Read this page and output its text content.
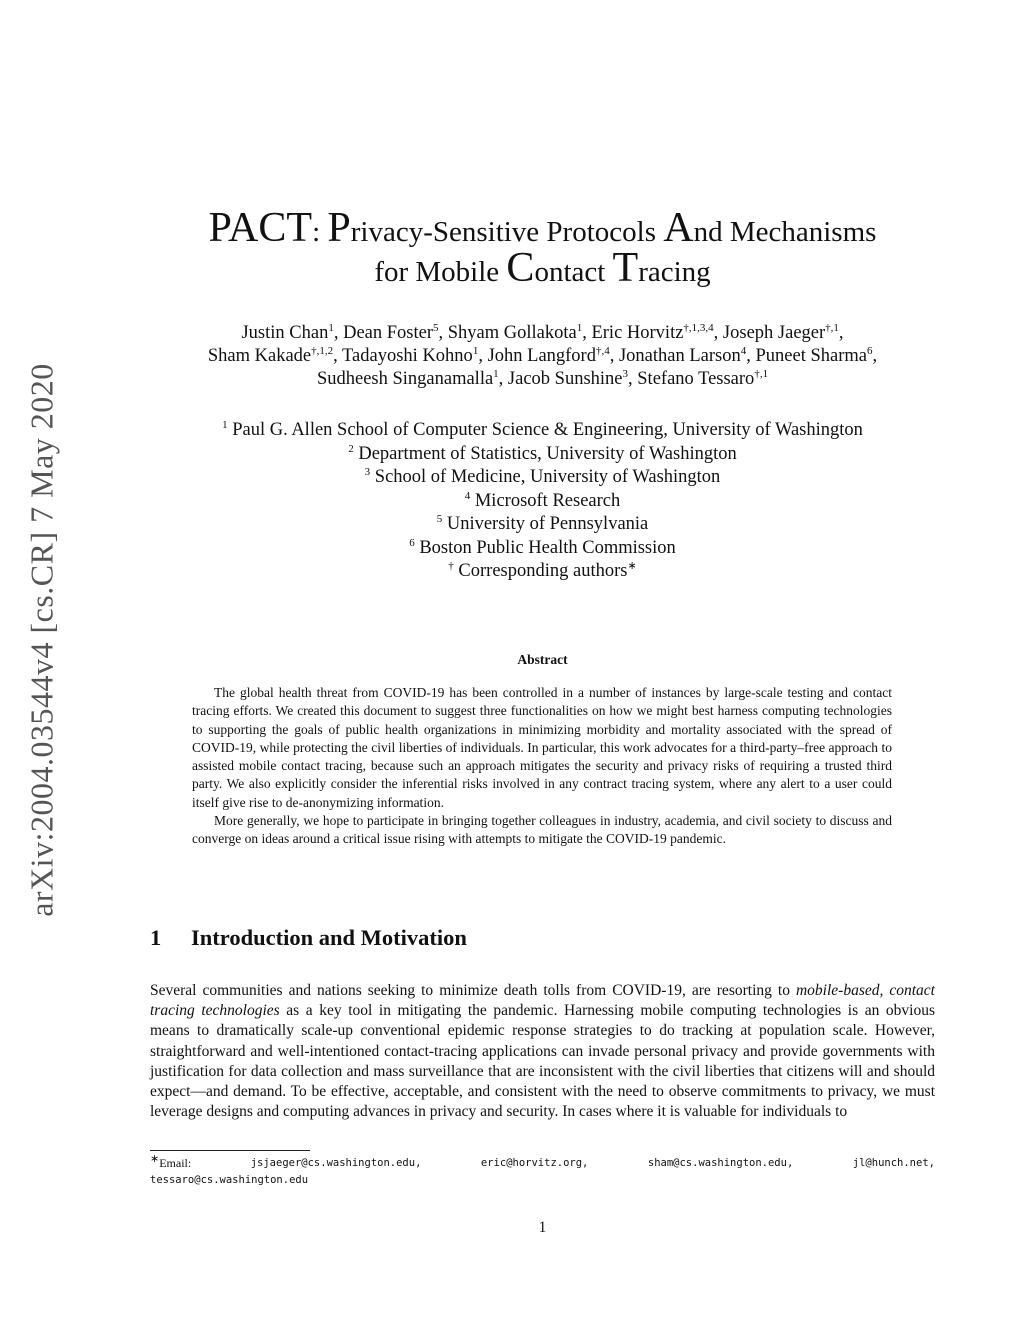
arXiv:2004.03544v4 [cs.CR] 7 May 2020
PACT: Privacy-Sensitive Protocols And Mechanisms
for Mobile Contact Tracing
Justin Chan$^1$, Dean Foster$^5$, Shyam Gollakota$^1$, Eric Horvitz$^{\dagger,1,3,4}$, Joseph Jaeger$^{\dagger,1}$,
Sham Kakade$^{\dagger,1,2}$, Tadayoshi Kohno$^1$, John Langford$^{\dagger,4}$, Jonathan Larson$^4$, Puneet Sharma$^6$,
Sudheesh Singanamalla$^1$, Jacob Sunshine$^3$, Stefano Tessaro$^{\dagger,1}$
$^1$ Paul G. Allen School of Computer Science & Engineering, University of Washington
$^2$ Department of Statistics, University of Washington
$^3$ School of Medicine, University of Washington
$^4$ Microsoft Research
$^5$ University of Pennsylvania
$^6$ Boston Public Health Commission
† Corresponding authors∗
Abstract

The global health threat from COVID-19 has been controlled in a number of instances by large-scale testing and contact tracing efforts. We created this document to suggest three functionalities on how we might best harness computing technologies to supporting the goals of public health organizations in minimizing morbidity and mortality associated with the spread of COVID-19, while protecting the civil liberties of individuals. In particular, this work advocates for a third-party–free approach to assisted mobile contact tracing, because such an approach mitigates the security and privacy risks of requiring a trusted third party. We also explicitly consider the inferential risks involved in any contract tracing system, where any alert to a user could itself give rise to de-anonymizing information.

More generally, we hope to participate in bringing together colleagues in industry, academia, and civil society to discuss and converge on ideas around a critical issue rising with attempts to mitigate the COVID-19 pandemic.

1 Introduction and Motivation

Several communities and nations seeking to minimize death tolls from COVID-19, are resorting to mobile-based, contact tracing technologies as a key tool in mitigating the pandemic. Harnessing mobile computing technologies is an obvious means to dramatically scale-up conventional epidemic response strategies to do tracking at population scale. However, straightforward and well-intentioned contact-tracing applications can invade personal privacy and provide governments with justification for data collection and mass surveillance that are inconsistent with the civil liberties that citizens will and should expect—and demand. To be effective, acceptable, and consistent with the need to observe commitments to privacy, we must leverage designs and computing advances in privacy and security. In cases where it is valuable for individuals to

∗Email:	jsjaeger@cs.washington.edu,	eric@horvitz.org,	sham@cs.washington.edu,	jl@hunch.net,
tessaro@cs.washington.edu
1
